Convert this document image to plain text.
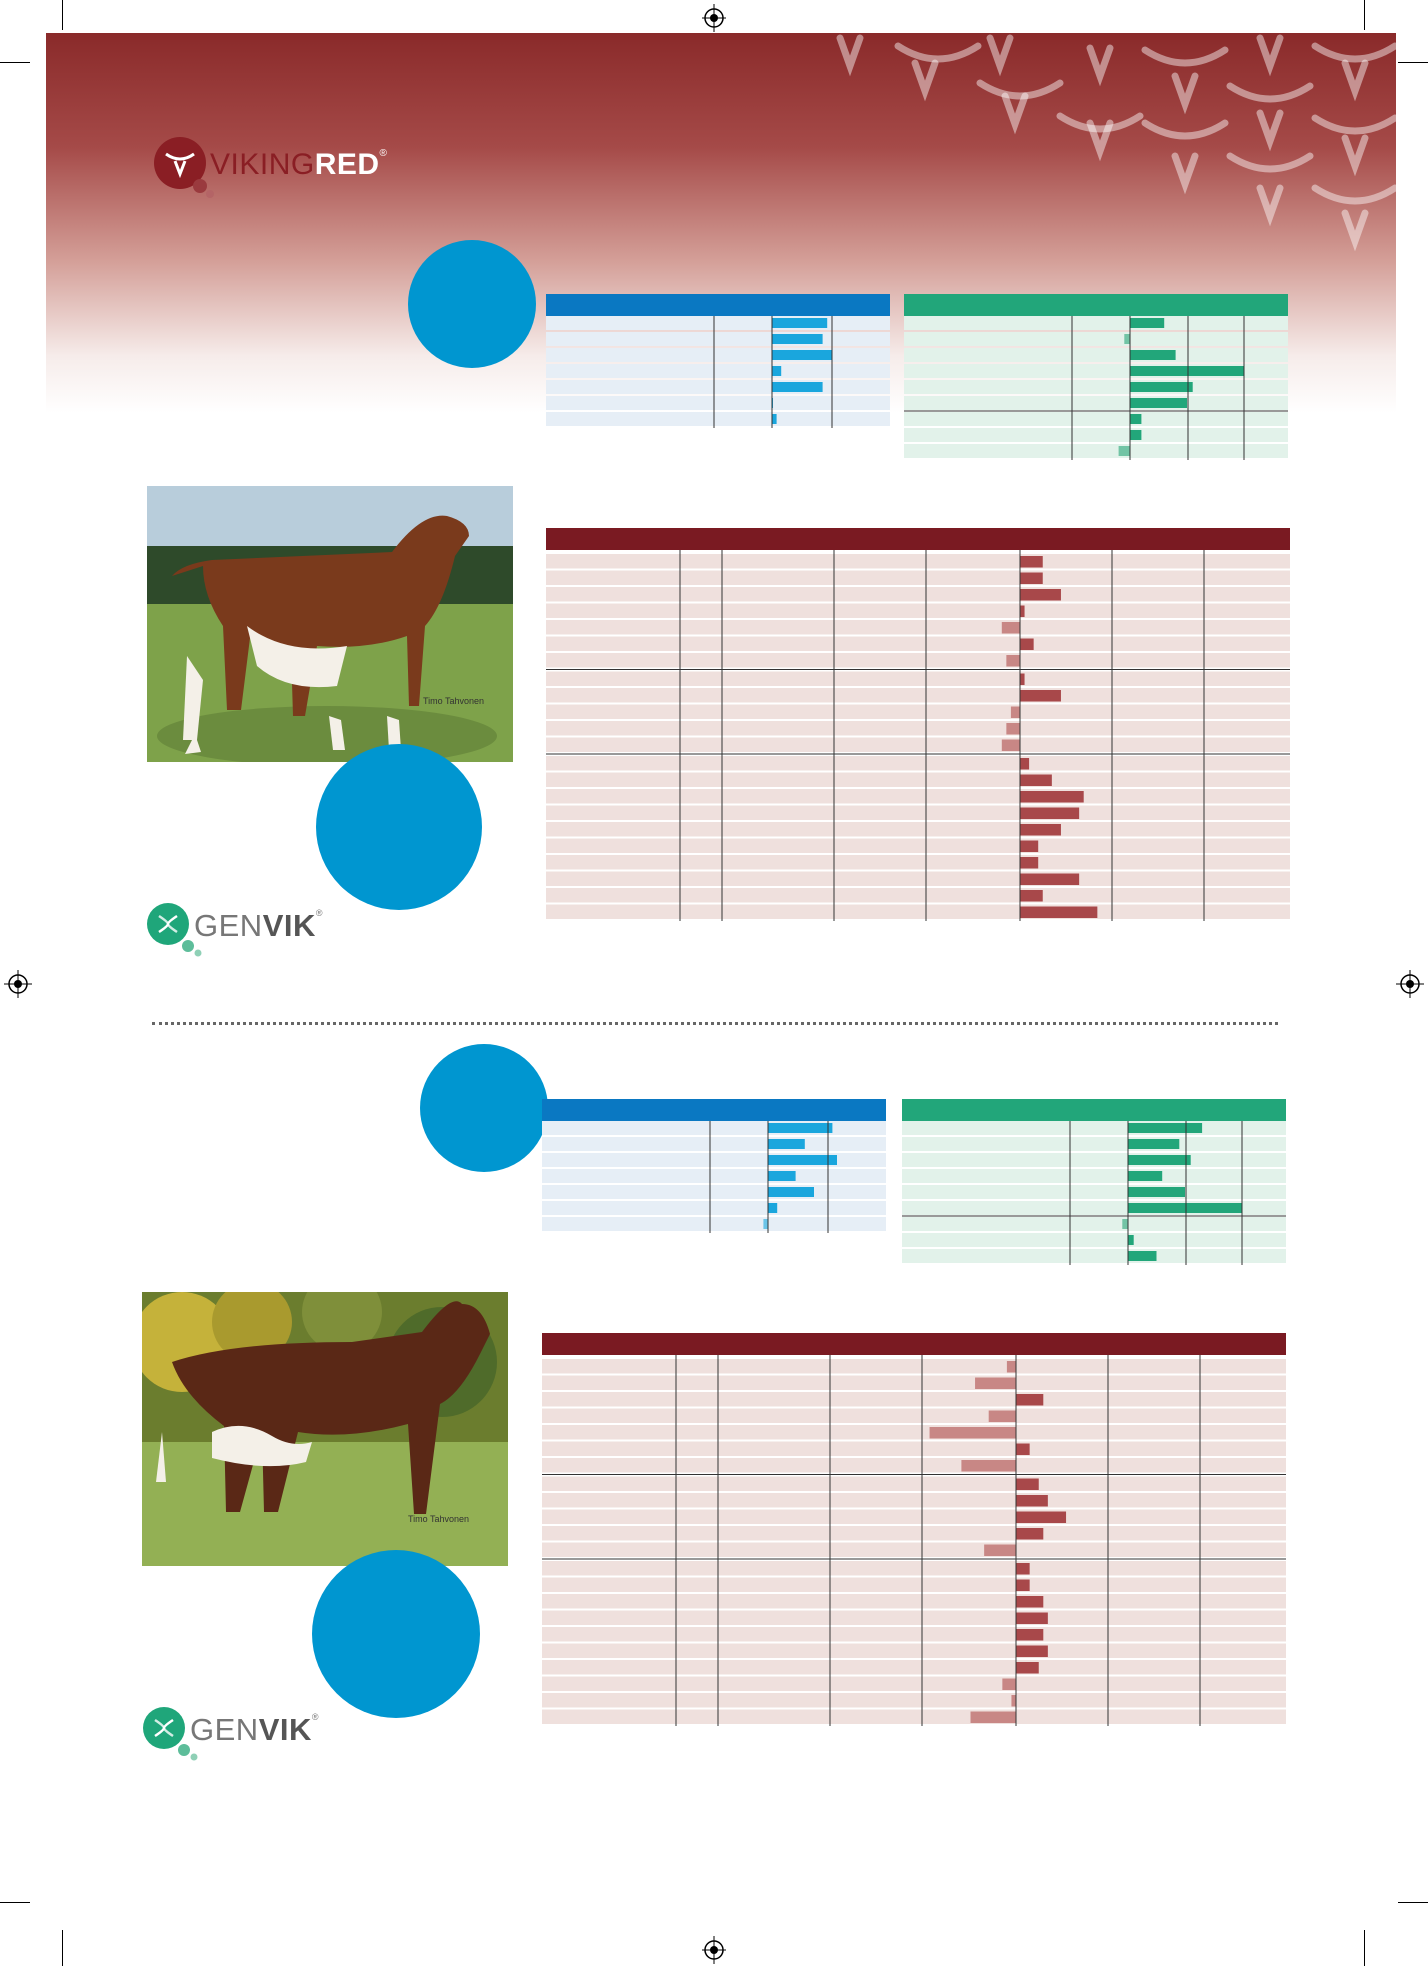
VIKINGRED®
Timo Tahvonen
GENVIK®
Timo Tahvonen
GENVIK®
